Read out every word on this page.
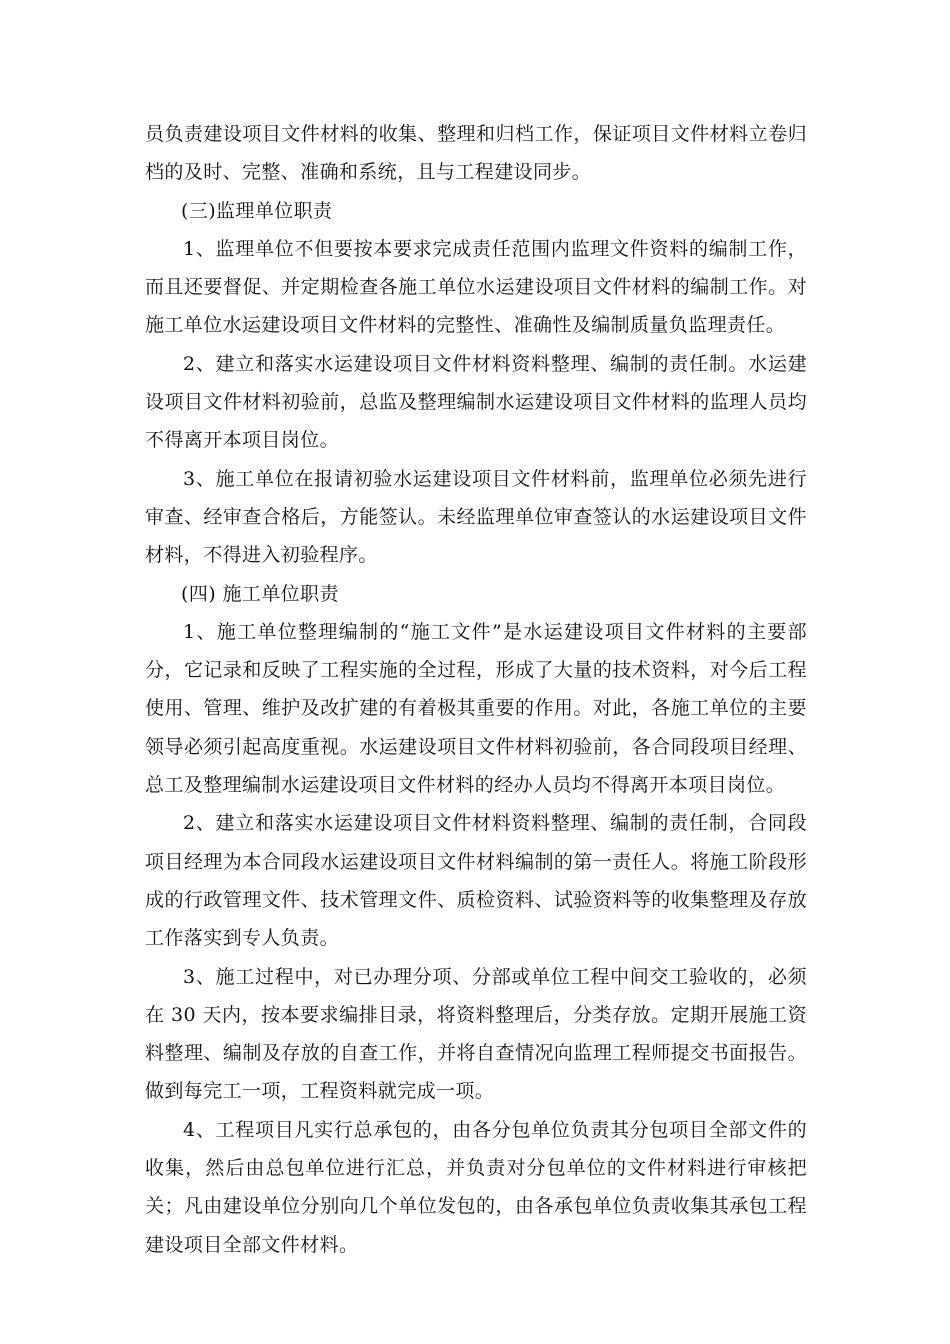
员负责建设项目文件材料的收集、整理和归档工作，保证项目文件材料立卷归档的及时、完整、准确和系统，且与工程建设同步。

(三)监理单位职责

1、监理单位不但要按本要求完成责任范围内监理文件资料的编制工作，而且还要督促、并定期检查各施工单位水运建设项目文件材料的编制工作。对施工单位水运建设项目文件材料的完整性、准确性及编制质量负监理责任。

2、建立和落实水运建设项目文件材料资料整理、编制的责任制。水运建设项目文件材料初验前，总监及整理编制水运建设项目文件材料的监理人员均不得离开本项目岗位。

3、施工单位在报请初验水运建设项目文件材料前，监理单位必须先进行审查、经审查合格后，方能签认。未经监理单位审查签认的水运建设项目文件材料，不得进入初验程序。

(四) 施工单位职责

1、施工单位整理编制的“施工文件”是水运建设项目文件材料的主要部分，它记录和反映了工程实施的全过程，形成了大量的技术资料，对今后工程使用、管理、维护及改扩建的有着极其重要的作用。对此，各施工单位的主要领导必须引起高度重视。水运建设项目文件材料初验前，各合同段项目经理、总工及整理编制水运建设项目文件材料的经办人员均不得离开本项目岗位。

2、建立和落实水运建设项目文件材料资料整理、编制的责任制，合同段项目经理为本合同段水运建设项目文件材料编制的第一责任人。将施工阶段形成的行政管理文件、技术管理文件、质检资料、试验资料等的收集整理及存放工作落实到专人负责。

3、施工过程中，对已办理分项、分部或单位工程中间交工验收的，必须在 30 天内，按本要求编排目录，将资料整理后，分类存放。定期开展施工资料整理、编制及存放的自查工作，并将自查情况向监理工程师提交书面报告。做到每完工一项，工程资料就完成一项。

4、工程项目凡实行总承包的，由各分包单位负责其分包项目全部文件的收集，然后由总包单位进行汇总，并负责对分包单位的文件材料进行审核把关；凡由建设单位分别向几个单位发包的，由各承包单位负责收集其承包工程建设项目全部文件材料。
